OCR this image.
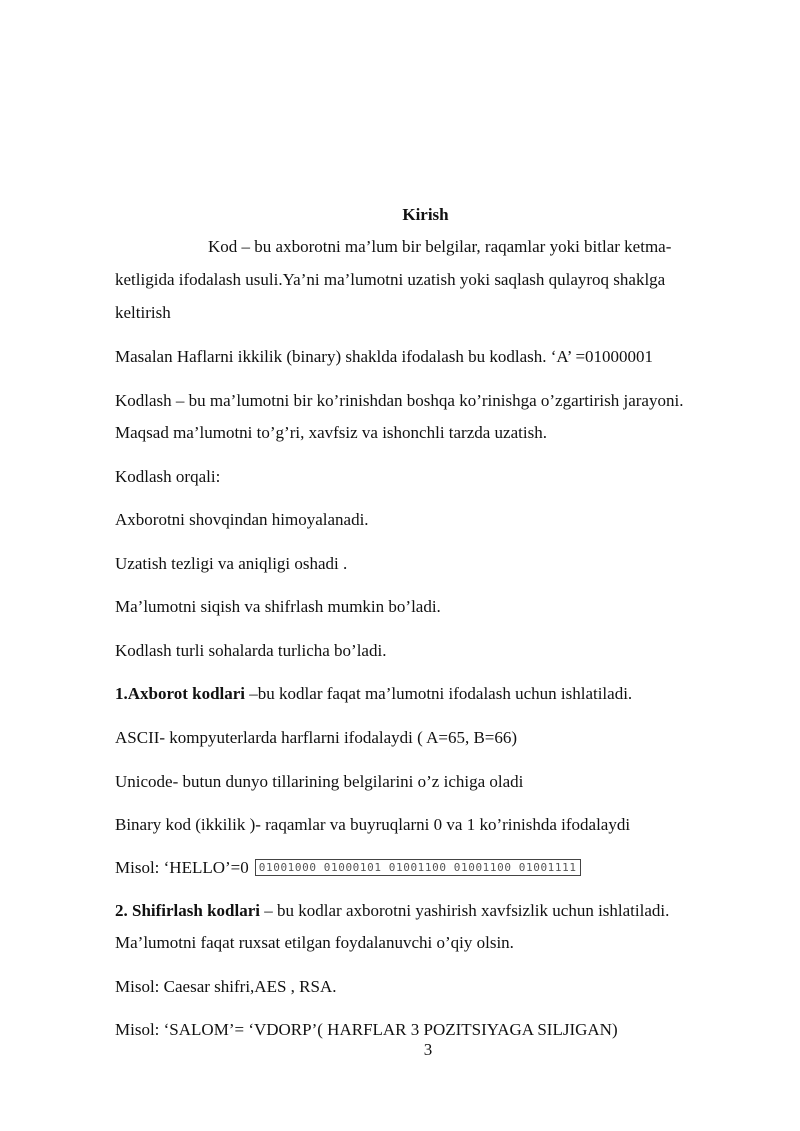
Kirish
Kod – bu axborotni ma’lum bir belgilar, raqamlar yoki bitlar ketma-
ketligida ifodalash usuli.Ya’ni ma’lumotni uzatish yoki saqlash qulayroq shaklga
keltirish
Masalan Haflarni ikkilik (binary) shaklda ifodalash bu kodlash. ‘A’ =01000001
Kodlash – bu ma’lumotni bir ko’rinishdan boshqa ko’rinishga o’zgartirish jarayoni.
Maqsad ma’lumotni to’g’ri, xavfsiz va ishonchli tarzda uzatish.
Kodlash orqali:
Axborotni shovqindan himoyalanadi.
Uzatish tezligi va aniqligi oshadi .
Ma’lumotni siqish va shifrlash mumkin bo’ladi.
Kodlash turli sohalarda turlicha bo’ladi.
1.Axborot kodlari –bu kodlar faqat ma’lumotni ifodalash uchun ishlatiladi.
ASCII- kompyuterlarda harflarni ifodalaydi ( A=65, B=66)
Unicode- butun dunyo tillarining belgilarini o’z ichiga oladi
Binary kod (ikkilik )- raqamlar va buyruqlarni 0 va 1 ko’rinishda ifodalaydi
Misol: ‘HELLO’=0 01001000 01000101 01001100 01001100 01001111
2. Shifirlash kodlari – bu kodlar axborotni yashirish xavfsizlik uchun ishlatiladi.
Ma’lumotni faqat ruxsat etilgan foydalanuvchi o’qiy olsin.
Misol: Caesar shifri,AES , RSA.
Misol: ‘SALOM’= ‘VDORP’( HARFLAR 3 POZITSIYAGA SILJIGAN)
3
